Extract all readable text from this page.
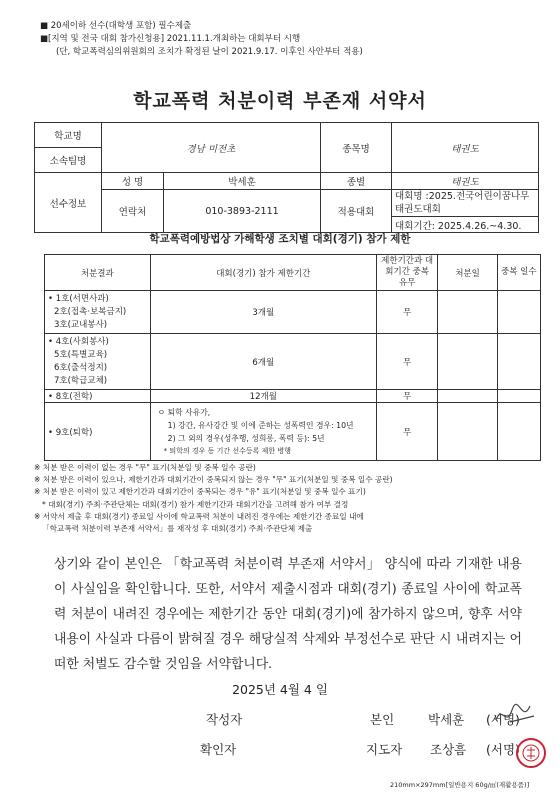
■ 20세이하 선수(대학생 포함) 필수제출
■[지역 및 전국 대회 참가신청용] 2021.11.1.개최하는 대회부터 시행
(단, 학교폭력심의위원회의 조치가 확정된 날이 2021.9.17. 이후인 사안부터 적용)
학교폭력 처분이력 부존재 서약서
학교명	경남 미전초		종목명	태권도
소속팀명				
선수정보	성 명	박세훈	종별	태권도
	연락처	010-3893-2111	적용대회	대회명 :2025.전국어린이꿈나무태권도대회
				대회기간: 2025.4.26.~4.30.
학교폭력예방법상 가해학생 조치별 대회(경기) 참가 제한
처분결과	대회(경기) 참가 제한기간	제한기간과 대회기간 중복 유무	처분일	중복 일수

• 1호(서면사과)
2호(접촉·보복금지)
3호(교내봉사)	3개월	무		

• 4호(사회봉사)
5호(특별교육)
6호(출석정지)
7호(학급교체)	6개월	무		
• 8호(전학)	12개월	무		
• 9호(퇴학)	ㅇ 퇴학 사유가,
1) 강간, 유사강간 및 이에 준하는 성폭력인 경우: 10년
2) 그 외의 경우(성추행, 성희롱, 폭력 등): 5년
* 퇴학의 경우 동 기간 선수등록 제한 병행	무		
※ 처분 받은 이력이 없는 경우 "무" 표기(처분일 및 중복 일수 공란)
※ 처분 받은 이력이 있으나, 제한기간과 대회기간이 중복되지 않는 경우 "무" 표기(처분일 및 중복 일수 공란)
※ 처분 받은 이력이 있고 제한기간과 대회기간이 중복되는 경우 "유" 표기(처분일 및 중복 일수 표기)
* 대회(경기) 주최·주관단체는 대회(경기) 참가 제한기간과 대회기간을 고려해 참가 여부 결정
※ 서약서 제출 후 대회(경기) 종료일 사이에 학교폭력 처분이 내려진 경우에는 제한기간 종료일 내에
「학교폭력 처분이력 부존재 서약서」를 재작성 후 대회(경기) 주최·주관단체 제출
상기와 같이 본인은 「학교폭력 처분이력 부존재 서약서」 양식에 따라 기재한 내용이 사실임을 확인합니다. 또한, 서약서 제출시점과 대회(경기) 종료일 사이에 학교폭력 처분이 내려진 경우에는 제한기간 동안 대회(경기)에 참가하지 않으며, 향후 서약내용이 사실과 다름이 밝혀질 경우 해당실적 삭제와 부정선수로 판단 시 내려지는 어떠한 처벌도 감수할 것임을 서약합니다.
2025년 4월 4 일
작성자	본인	박세훈 (서명)
확인자	지도자 조상흠 (서명)
210mm×297mm[일반용지 60g/㎡(재활용품)]
